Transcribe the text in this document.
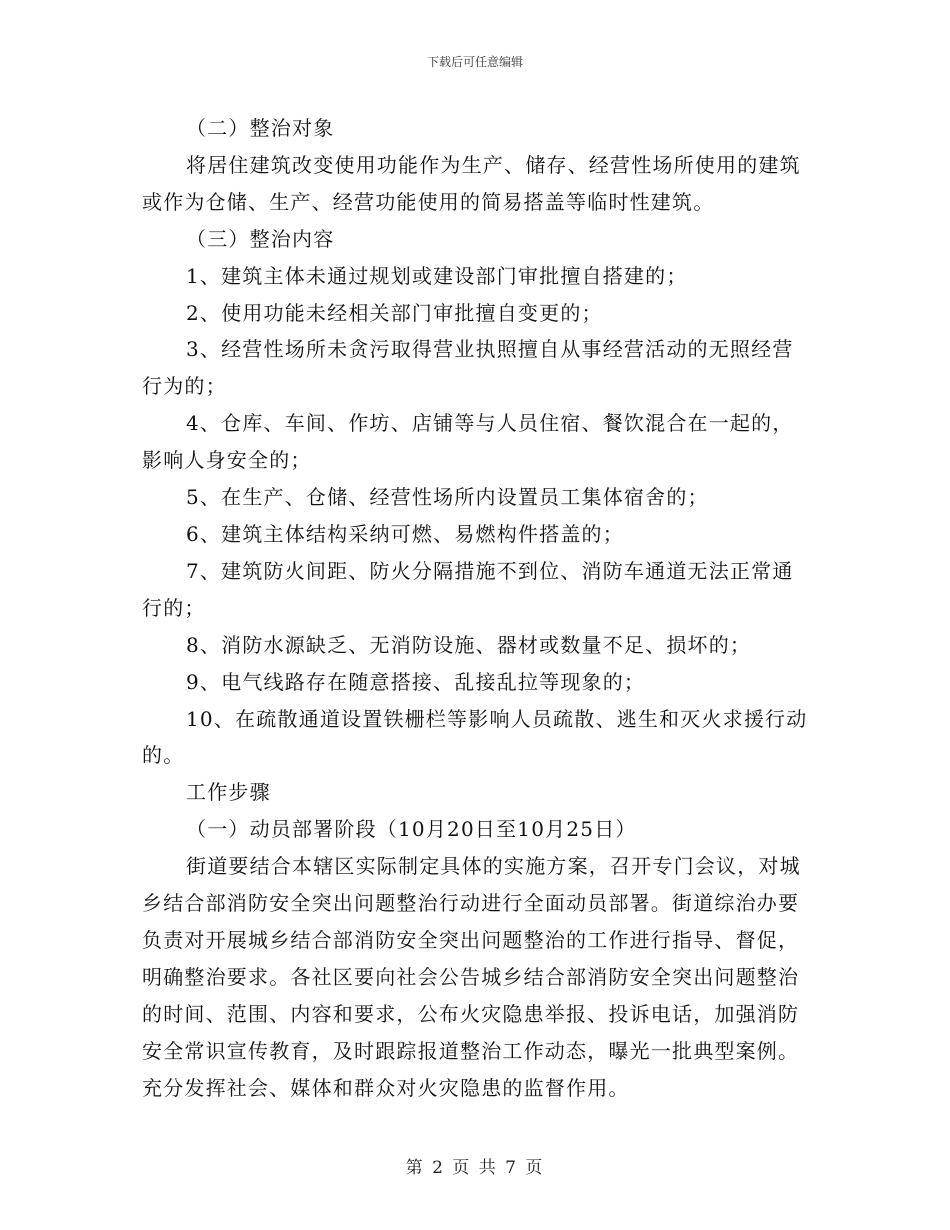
下载后可任意编辑

（二）整治对象

将居住建筑改变使用功能作为生产、储存、经营性场所使用的建筑或作为仓储、生产、经营功能使用的简易搭盖等临时性建筑。

（三）整治内容

1、建筑主体未通过规划或建设部门审批擅自搭建的；

2、使用功能未经相关部门审批擅自变更的；

3、经营性场所未贪污取得营业执照擅自从事经营活动的无照经营行为的；

4、仓库、车间、作坊、店铺等与人员住宿、餐饮混合在一起的，影响人身安全的；

5、在生产、仓储、经营性场所内设置员工集体宿舍的；

6、建筑主体结构采纳可燃、易燃构件搭盖的；

7、建筑防火间距、防火分隔措施不到位、消防车通道无法正常通行的；

8、消防水源缺乏、无消防设施、器材或数量不足、损坏的；

9、电气线路存在随意搭接、乱接乱拉等现象的；

10、在疏散通道设置铁栅栏等影响人员疏散、逃生和灭火求援行动的。

工作步骤

（一）动员部署阶段（10月20日至10月25日）

街道要结合本辖区实际制定具体的实施方案，召开专门会议，对城乡结合部消防安全突出问题整治行动进行全面动员部署。街道综治办要负责对开展城乡结合部消防安全突出问题整治的工作进行指导、督促，明确整治要求。各社区要向社会公告城乡结合部消防安全突出问题整治的时间、范围、内容和要求，公布火灾隐患举报、投诉电话，加强消防安全常识宣传教育，及时跟踪报道整治工作动态，曝光一批典型案例。充分发挥社会、媒体和群众对火灾隐患的监督作用。

第 2 页 共 7 页
